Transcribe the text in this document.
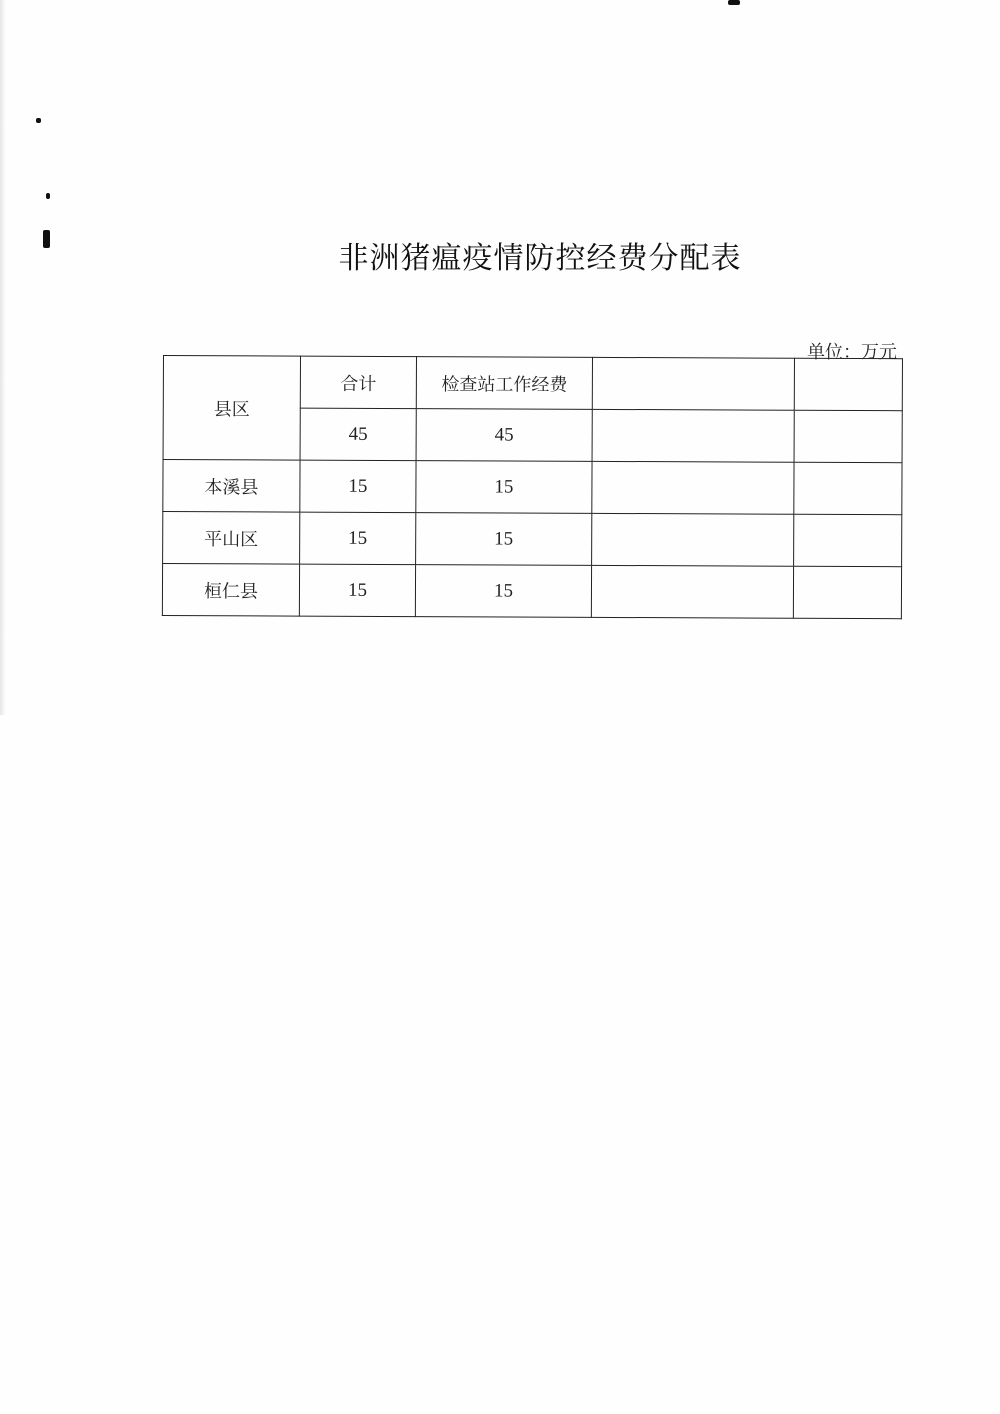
非洲猪瘟疫情防控经费分配表
单位：万元
县区	合计	检查站工作经费		
	45	45		
本溪县	15	15		
平山区	15	15		
桓仁县	15	15		
